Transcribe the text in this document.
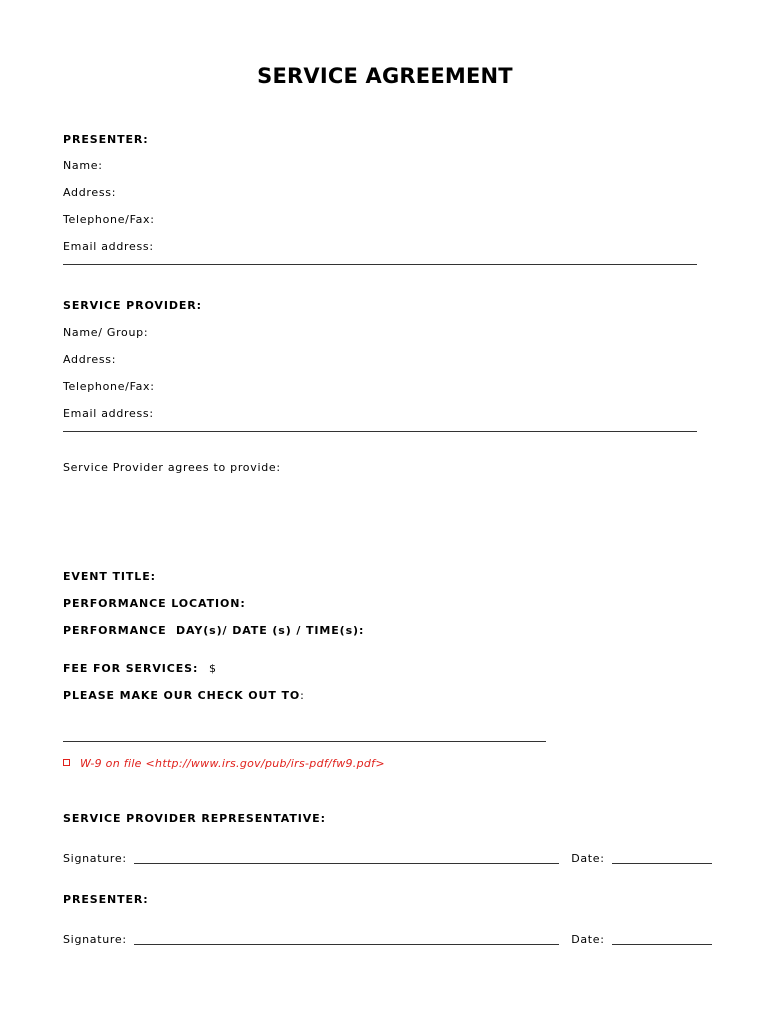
SERVICE AGREEMENT
PRESENTER:
Name:
Address:
Telephone/Fax:
Email address:
SERVICE PROVIDER:
Name/ Group:
Address:
Telephone/Fax:
Email address:
Service Provider agrees to provide:
EVENT TITLE:
PERFORMANCE LOCATION:
PERFORMANCE  DAY(s)/ DATE (s) / TIME(s):
FEE FOR SERVICES: $
PLEASE MAKE OUR CHECK OUT TO:
W-9 on file <http://www.irs.gov/pub/irs-pdf/fw9.pdf>
SERVICE PROVIDER REPRESENTATIVE:
Signature:	Date:
PRESENTER:
Signature:	Date:
